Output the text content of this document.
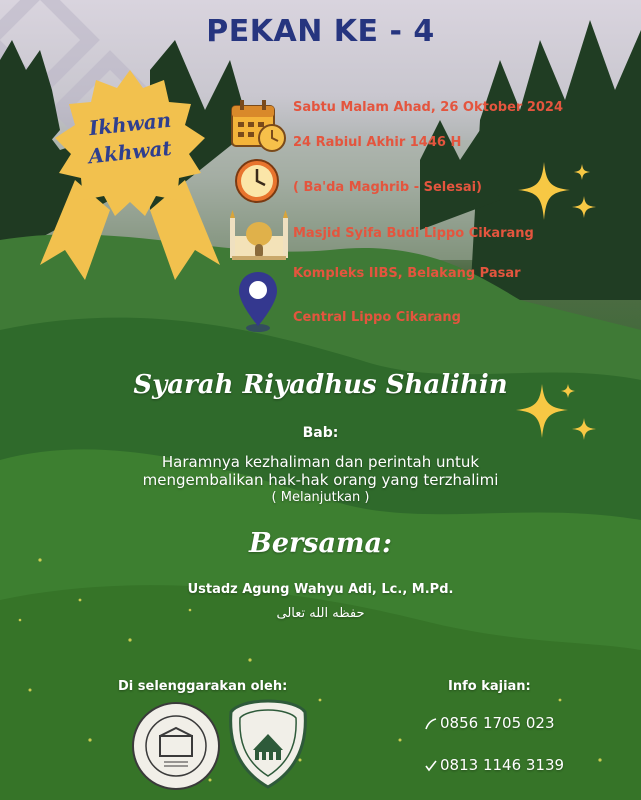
PEKAN KE - 4
Ikhwan
Akhwat
Sabtu Malam Ahad, 26 Oktober 2024
24 Rabiul Akhir 1446 H
( Ba'da Maghrib - Selesai)
Masjid Syifa Budi Lippo Cikarang
Kompleks IIBS, Belakang Pasar
Central Lippo Cikarang
Syarah Riyadhus Shalihin
Bab:
Haramnya kezhaliman dan perintah untuk
mengembalikan hak-hak orang yang terzhalimi
( Melanjutkan )
Bersama:
Ustadz Agung Wahyu Adi, Lc., M.Pd.
حفظه الله تعالى
Di selenggarakan oleh:	Info kajian:
0856 1705 023
0813 1146 3139
